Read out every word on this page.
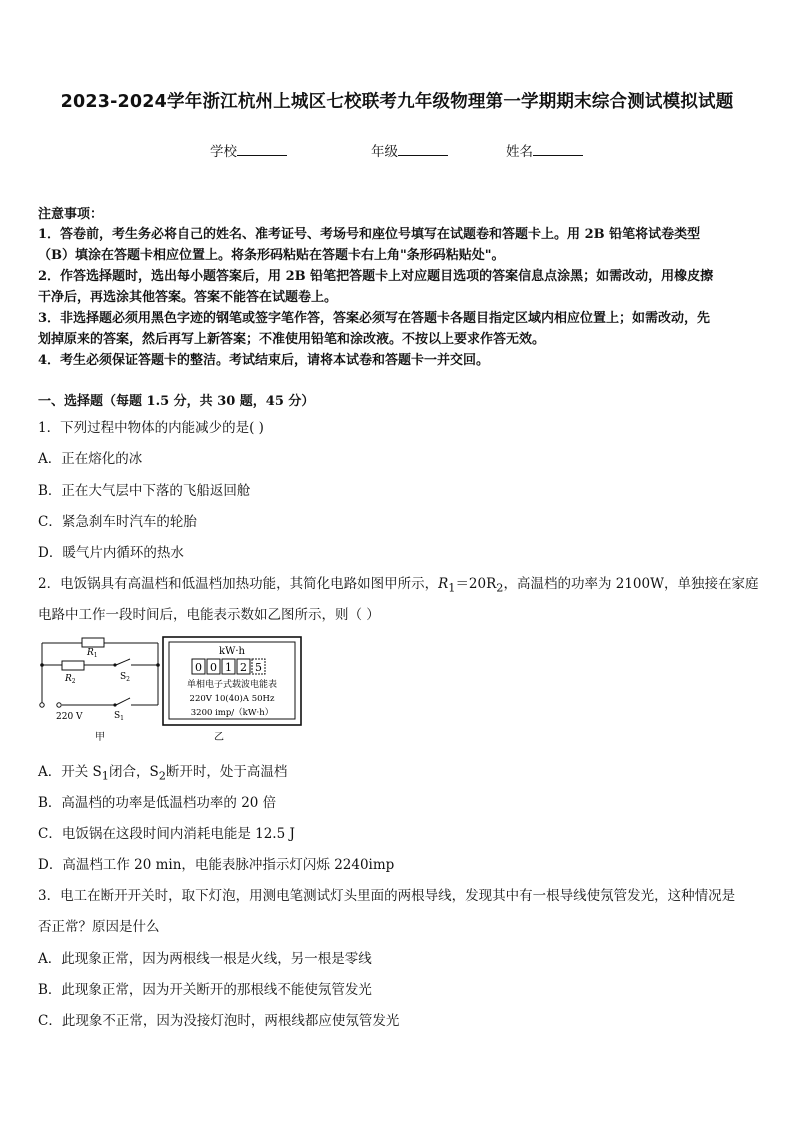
2023-2024学年浙江杭州上城区七校联考九年级物理第一学期期末综合测试模拟试题
学校	年级	姓名
注意事项：
1．答卷前，考生务必将自己的姓名、准考证号、考场号和座位号填写在试题卷和答题卡上。用 2B 铅笔将试卷类型
（B）填涂在答题卡相应位置上。将条形码粘贴在答题卡右上角"条形码粘贴处"。
2．作答选择题时，选出每小题答案后，用 2B 铅笔把答题卡上对应题目选项的答案信息点涂黑；如需改动，用橡皮擦
干净后，再选涂其他答案。答案不能答在试题卷上。
3．非选择题必须用黑色字迹的钢笔或签字笔作答，答案必须写在答题卡各题目指定区域内相应位置上；如需改动，先
划掉原来的答案，然后再写上新答案；不准使用铅笔和涂改液。不按以上要求作答无效。
4．考生必须保证答题卡的整洁。考试结束后，请将本试卷和答题卡一并交回。
一、选择题（每题 1.5 分，共 30 题，45 分）
1．下列过程中物体的内能减少的是( )
A．正在熔化的冰
B．正在大气层中下落的飞船返回舱
C．紧急刹车时汽车的轮胎
D．暖气片内循环的热水
2．电饭锅具有高温档和低温档加热功能，其简化电路如图甲所示，$R_1=20R_2$，高温档的功率为 2100W，单独接在家庭
电路中工作一段时间后，电能表示数如乙图所示，则（ ）
$R_1$
$R_2$	$S_2$
$S_1$
220 V
甲
kW·h
0 0 1 2 5
单相电子式载波电能表
220V 10(40)A 50Hz
3200 imp/（kW·h）
乙
A．开关 $S_1$闭合，$S_2$断开时，处于高温档
B．高温档的功率是低温档功率的 20 倍
C．电饭锅在这段时间内消耗电能是 12.5 J
D．高温档工作 20 min，电能表脉冲指示灯闪烁 2240imp
3．电工在断开开关时，取下灯泡，用测电笔测试灯头里面的两根导线，发现其中有一根导线使氖管发光，这种情况是
否正常？原因是什么
A．此现象正常，因为两根线一根是火线，另一根是零线
B．此现象正常，因为开关断开的那根线不能使氖管发光
C．此现象不正常，因为没接灯泡时，两根线都应使氖管发光
